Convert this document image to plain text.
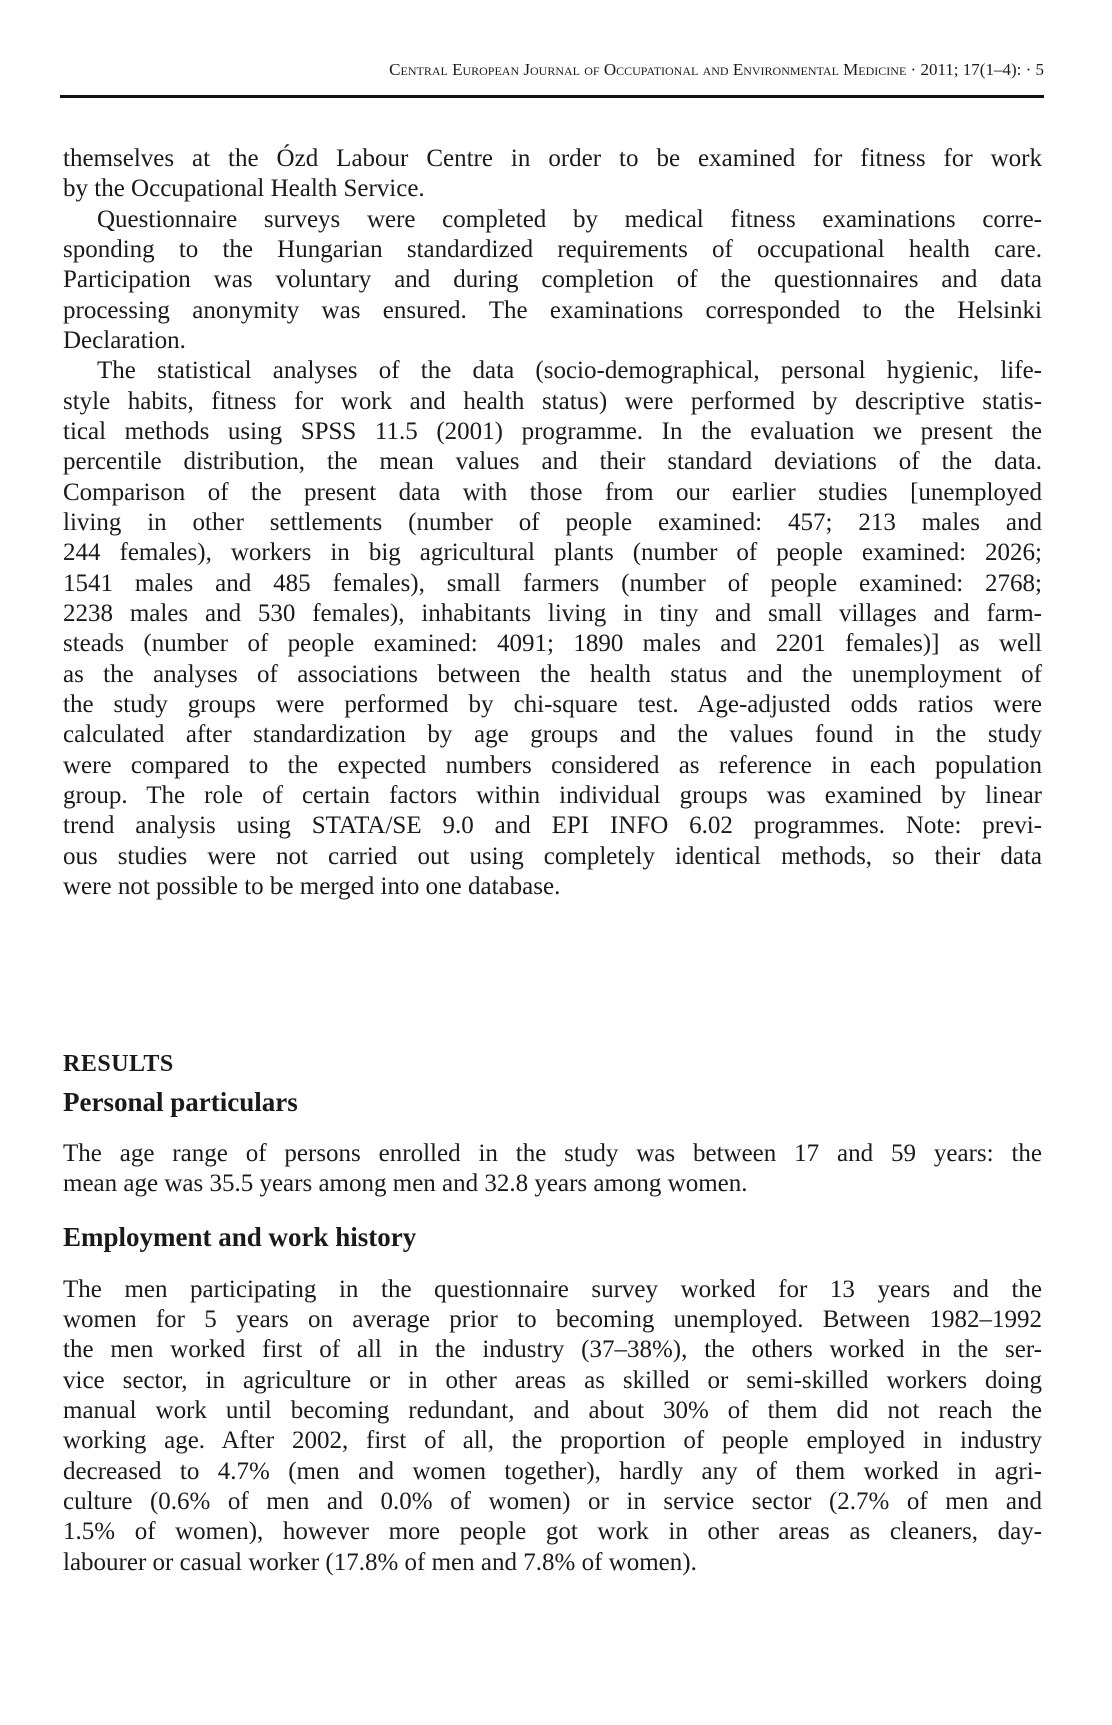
Central European Journal of Occupational and Environmental Medicine · 2011; 17(1–4): · 5
themselves at the Ózd Labour Centre in order to be examined for fitness for work
by the Occupational Health Service.
Questionnaire surveys were completed by medical fitness examinations corre-
sponding to the Hungarian standardized requirements of occupational health care.
Participation was voluntary and during completion of the questionnaires and data
processing anonymity was ensured. The examinations corresponded to the Helsinki
Declaration.
The statistical analyses of the data (socio-demographical, personal hygienic, life-
style habits, fitness for work and health status) were performed by descriptive statis-
tical methods using SPSS 11.5 (2001) programme. In the evaluation we present the
percentile distribution, the mean values and their standard deviations of the data.
Comparison of the present data with those from our earlier studies [unemployed
living in other settlements (number of people examined: 457; 213 males and
244 females), workers in big agricultural plants (number of people examined: 2026;
1541 males and 485 females), small farmers (number of people examined: 2768;
2238 males and 530 females), inhabitants living in tiny and small villages and farm-
steads (number of people examined: 4091; 1890 males and 2201 females)] as well
as the analyses of associations between the health status and the unemployment of
the study groups were performed by chi-square test. Age-adjusted odds ratios were
calculated after standardization by age groups and the values found in the study
were compared to the expected numbers considered as reference in each population
group. The role of certain factors within individual groups was examined by linear
trend analysis using STATA/SE 9.0 and EPI INFO 6.02 programmes. Note: previ-
ous studies were not carried out using completely identical methods, so their data
were not possible to be merged into one database.
RESULTS
Personal particulars
The age range of persons enrolled in the study was between 17 and 59 years: the
mean age was 35.5 years among men and 32.8 years among women.
Employment and work history
The men participating in the questionnaire survey worked for 13 years and the
women for 5 years on average prior to becoming unemployed. Between 1982–1992
the men worked first of all in the industry (37–38%), the others worked in the ser-
vice sector, in agriculture or in other areas as skilled or semi-skilled workers doing
manual work until becoming redundant, and about 30% of them did not reach the
working age. After 2002, first of all, the proportion of people employed in industry
decreased to 4.7% (men and women together), hardly any of them worked in agri-
culture (0.6% of men and 0.0% of women) or in service sector (2.7% of men and
1.5% of women), however more people got work in other areas as cleaners, day-
labourer or casual worker (17.8% of men and 7.8% of women).
